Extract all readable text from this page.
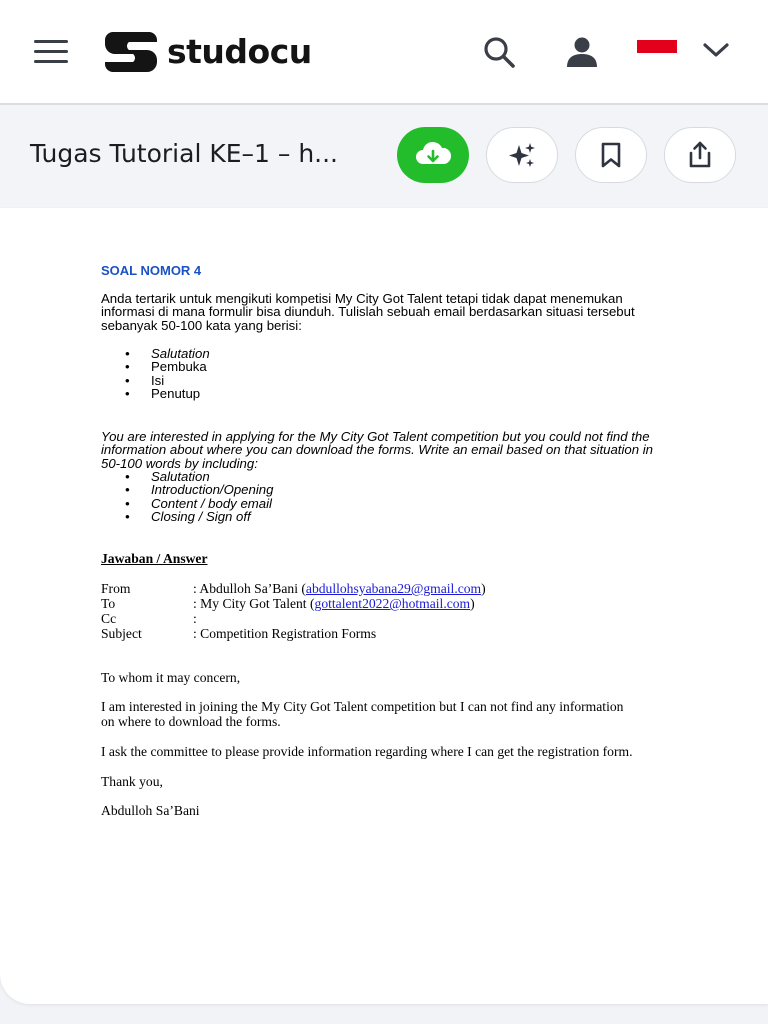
studocu
Tugas Tutorial KE–1 – h...
SOAL NOMOR 4
Anda tertarik untuk mengikuti kompetisi My City Got Talent tetapi tidak dapat menemukan
informasi di mana formulir bisa diunduh. Tulislah sebuah email berdasarkan situasi tersebut
sebanyak 50-100 kata yang berisi:
• Salutation
• Pembuka
• Isi
• Penutup
You are interested in applying for the My City Got Talent competition but you could not find the
information about where you can download the forms. Write an email based on that situation in
50-100 words by including:
• Salutation
• Introduction/Opening
• Content / body email
• Closing / Sign off
Jawaban / Answer
From	: Abdulloh Sa’Bani (abdullohsyabana29@gmail.com)
To	: My City Got Talent (gottalent2022@hotmail.com)
Cc	:
Subject	: Competition Registration Forms
To whom it may concern,
I am interested in joining the My City Got Talent competition but I can not find any information
on where to download the forms.
I ask the committee to please provide information regarding where I can get the registration form.
Thank you,
Abdulloh Sa’Bani
